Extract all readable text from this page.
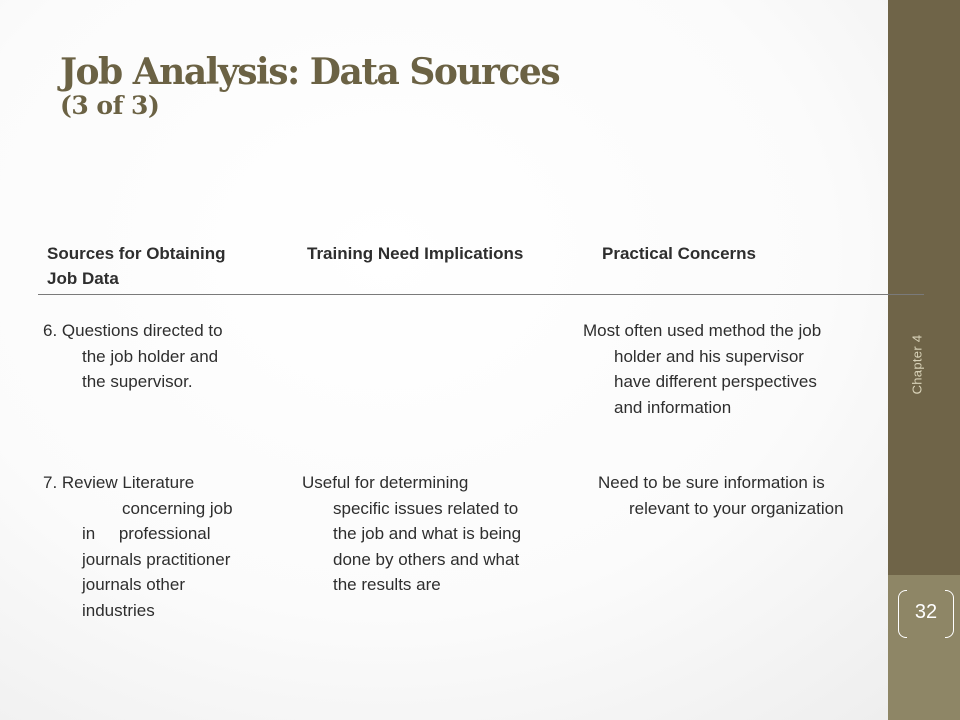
Chapter 4
32
Job Analysis: Data Sources
(3 of 3)
Sources for Obtaining
Job Data
Training Need Implications	Practical Concerns
6. Questions directed to
the job holder and
the supervisor.
Most often used method the job
holder and his supervisor
have different perspectives
and information
7. Review Literature
concerning job
in     professional
journals practitioner
journals other
industries
Useful for determining
specific issues related to
the job and what is being
done by others and what
the results are
Need to be sure information is
relevant to your organization
